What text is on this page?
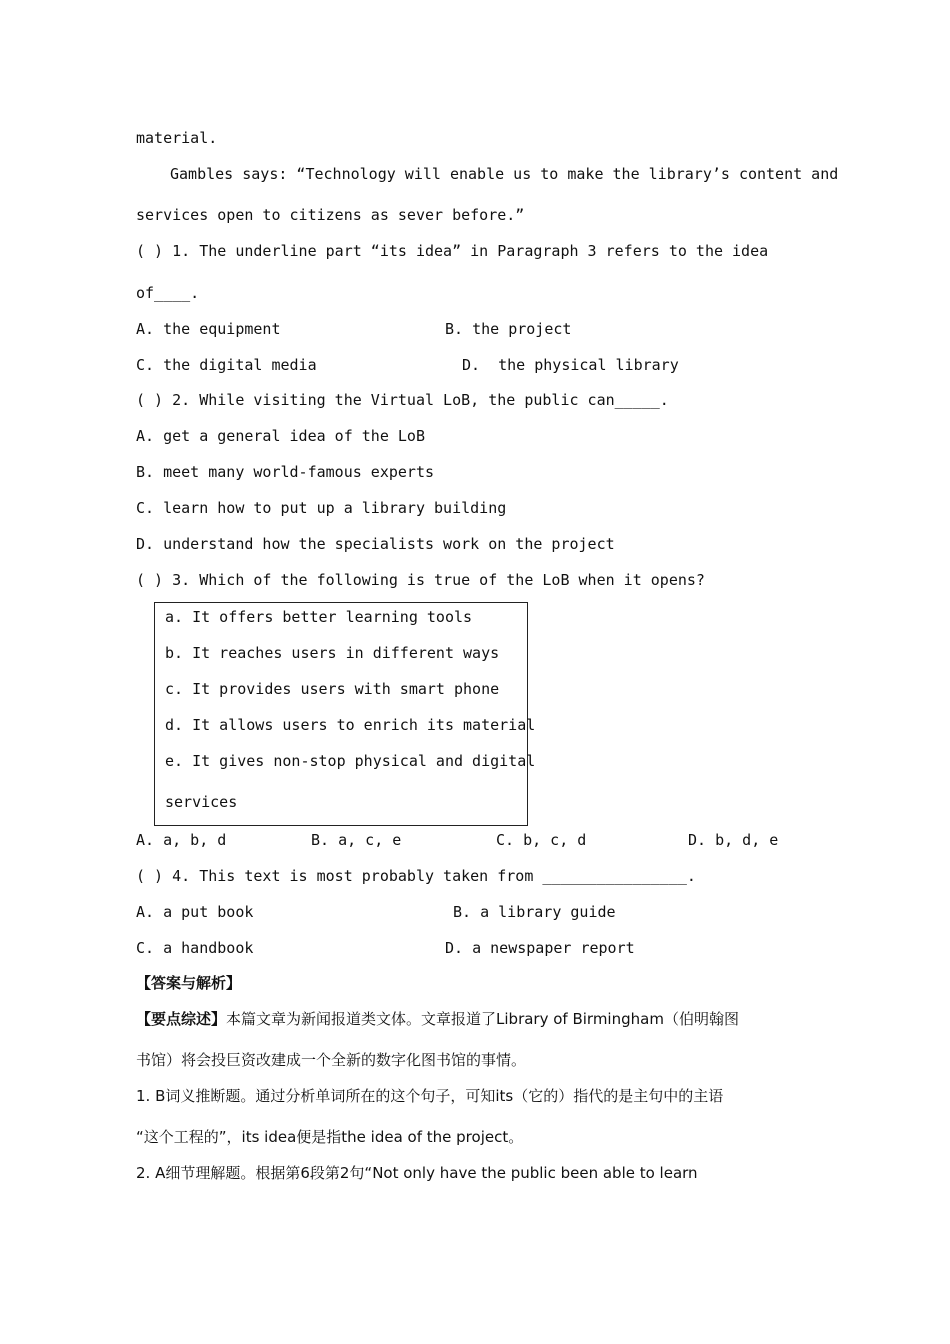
material.
Gambles says: “Technology will enable us to make the library’s content and
services open to citizens as sever before.”
( ) 1. The underline part “its idea” in Paragraph 3 refers to the idea
of____.
A. the equipment	B. the project
C. the digital media	D.  the physical library
( ) 2. While visiting the Virtual LoB, the public can_____.
A. get a general idea of the LoB
B. meet many world-famous experts
C. learn how to put up a library building
D. understand how the specialists work on the project
( ) 3. Which of the following is true of the LoB when it opens?
a. It offers better learning tools
b. It reaches users in different ways
c. It provides users with smart phone
d. It allows users to enrich its material
e. It gives non-stop physical and digital
services
A. a, b, d	B. a, c, e	C. b, c, d	D. b, d, e
( ) 4. This text is most probably taken from ________________.
A. a put book	B. a library guide
C. a handbook	D. a newspaper report
【答案与解析】
【要点综述】本篇文章为新闻报道类文体。文章报道了Library of Birmingham（伯明翰图
书馆）将会投巨资改建成一个全新的数字化图书馆的事情。
1. B词义推断题。通过分析单词所在的这个句子，可知its（它的）指代的是主句中的主语
“这个工程的”，its idea便是指the idea of the project。
2. A细节理解题。根据第6段第2句“Not only have the public been able to learn
